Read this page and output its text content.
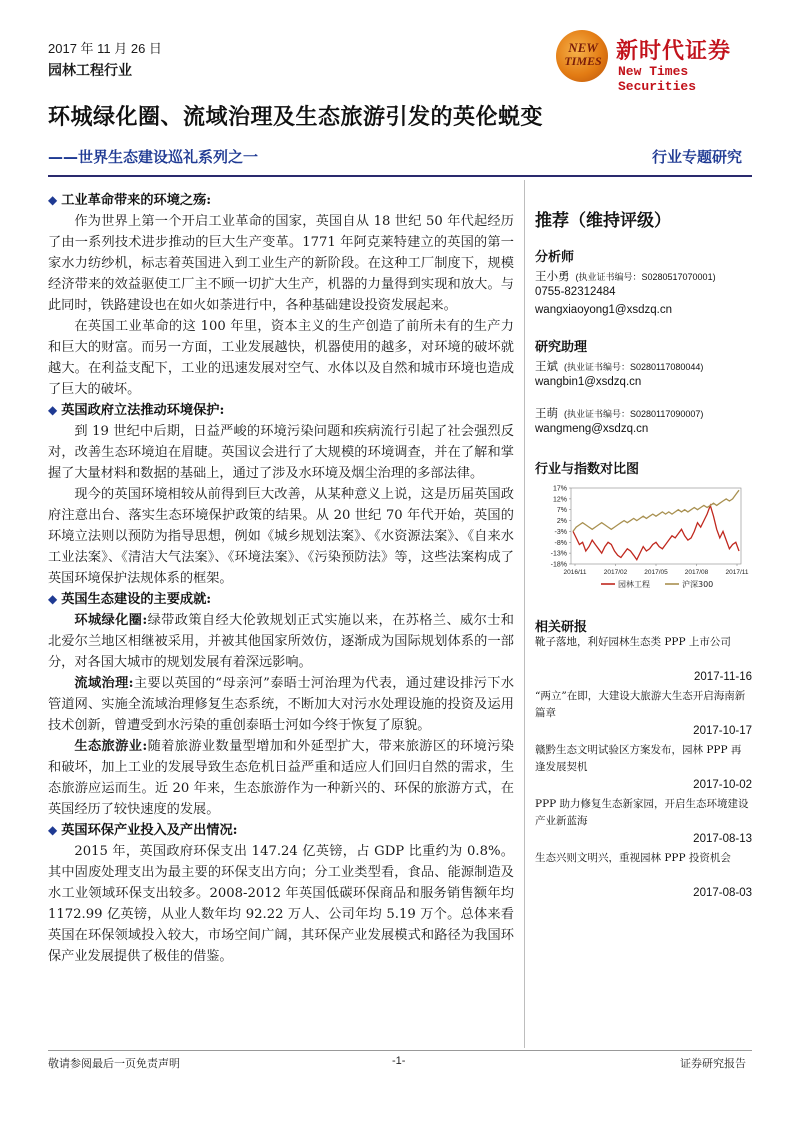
2017 年 11 月 26 日
园林工程行业
NEW
TIMES 新时代证券
New Times Securities
环城绿化圈、流域治理及生态旅游引发的英伦蜕变
——世界生态建设巡礼系列之一	行业专题研究
◆ 工业革命带来的环境之殇:

作为世界上第一个开启工业革命的国家，英国自从 18 世纪 50 年代起经历了由一系列技术进步推动的巨大生产变革。1771 年阿克莱特建立的英国的第一家水力纺纱机，标志着英国进入到工业生产的新阶段。在这种工厂制度下，规模经济带来的效益驱使工厂主不顾一切扩大生产，机器的力量得到实现和放大。与此同时，铁路建设也在如火如荼进行中，各种基础建设投资发展起来。

在英国工业革命的这 100 年里，资本主义的生产创造了前所未有的生产力和巨大的财富。而另一方面，工业发展越快，机器使用的越多，对环境的破坏就越大。在利益支配下，工业的迅速发展对空气、水体以及自然和城市环境也造成了巨大的破坏。

◆ 英国政府立法推动环境保护:

到 19 世纪中后期，日益严峻的环境污染问题和疾病流行引起了社会强烈反对，改善生态环境迫在眉睫。英国议会进行了大规模的环境调查，并在了解和掌握了大量材料和数据的基础上，通过了涉及水环境及烟尘治理的多部法律。

现今的英国环境相较从前得到巨大改善，从某种意义上说，这是历届英国政府注意出台、落实生态环境保护政策的结果。从 20 世纪 70 年代开始，英国的环境立法则以预防为指导思想，例如《城乡规划法案》、《水资源法案》、《自来水工业法案》、《清洁大气法案》、《环境法案》、《污染预防法》等，这些法案构成了英国环境保护法规体系的框架。

◆ 英国生态建设的主要成就:

环城绿化圈:绿带政策自经大伦敦规划正式实施以来，在苏格兰、威尔士和北爱尔兰地区相继被采用，并被其他国家所效仿，逐渐成为国际规划体系的一部分，对各国大城市的规划发展有着深远影响。

流域治理:主要以英国的“母亲河”泰晤士河治理为代表，通过建设排污下水管道网、实施全流域治理修复生态系统，不断加大对污水处理设施的投资及运用技术创新，曾遭受到水污染的重创泰晤士河如今终于恢复了原貌。

生态旅游业:随着旅游业数量型增加和外延型扩大，带来旅游区的环境污染和破坏，加上工业的发展导致生态危机日益严重和适应人们回归自然的需求，生态旅游应运而生。近 20 年来，生态旅游作为一种新兴的、环保的旅游方式，在英国经历了较快速度的发展。

◆ 英国环保产业投入及产出情况:

2015 年，英国政府环保支出 147.24 亿英镑，占 GDP 比重约为 0.8%。其中固废处理支出为最主要的环保支出方向；分工业类型看，食品、能源制造及水工业领域环保支出较多。2008-2012 年英国低碳环保商品和服务销售额年均 1172.99 亿英镑，从业人数年均 92.22 万人、公司年均 5.19 万个。总体来看英国在环保领域投入较大，市场空间广阔，其环保产业发展模式和路径为我国环保产业发展提供了极佳的借鉴。

推荐（维持评级）
分析师
王小勇 (执业证书编号：S0280517070001)
0755-82312484
wangxiaoyong1@xsdzq.cn
研究助理
王斌 (执业证书编号：S0280117080044)
wangbin1@xsdzq.cn
王萌 (执业证书编号：S0280117090007)
wangmeng@xsdzq.cn
行业与指数对比图
17%
12%
7%
2%
-3%
-8%
-13%
-18%
2016/11	2017/02	2017/05	2017/08	2017/11
园林工程	沪深300
相关研报
靴子落地，利好园林生态类 PPP 上市公司
2017-11-16
“两立”在即，大建设大旅游大生态开启海南新篇章
2017-10-17
赣黔生态文明试验区方案发布，园林 PPP 再逢发展契机
2017-10-02
PPP 助力修复生态新家园，开启生态环境建设产业新蓝海
2017-08-13
生态兴则文明兴，重视园林 PPP 投资机会
2017-08-03
敬请参阅最后一页免责声明	-1-	证券研究报告
